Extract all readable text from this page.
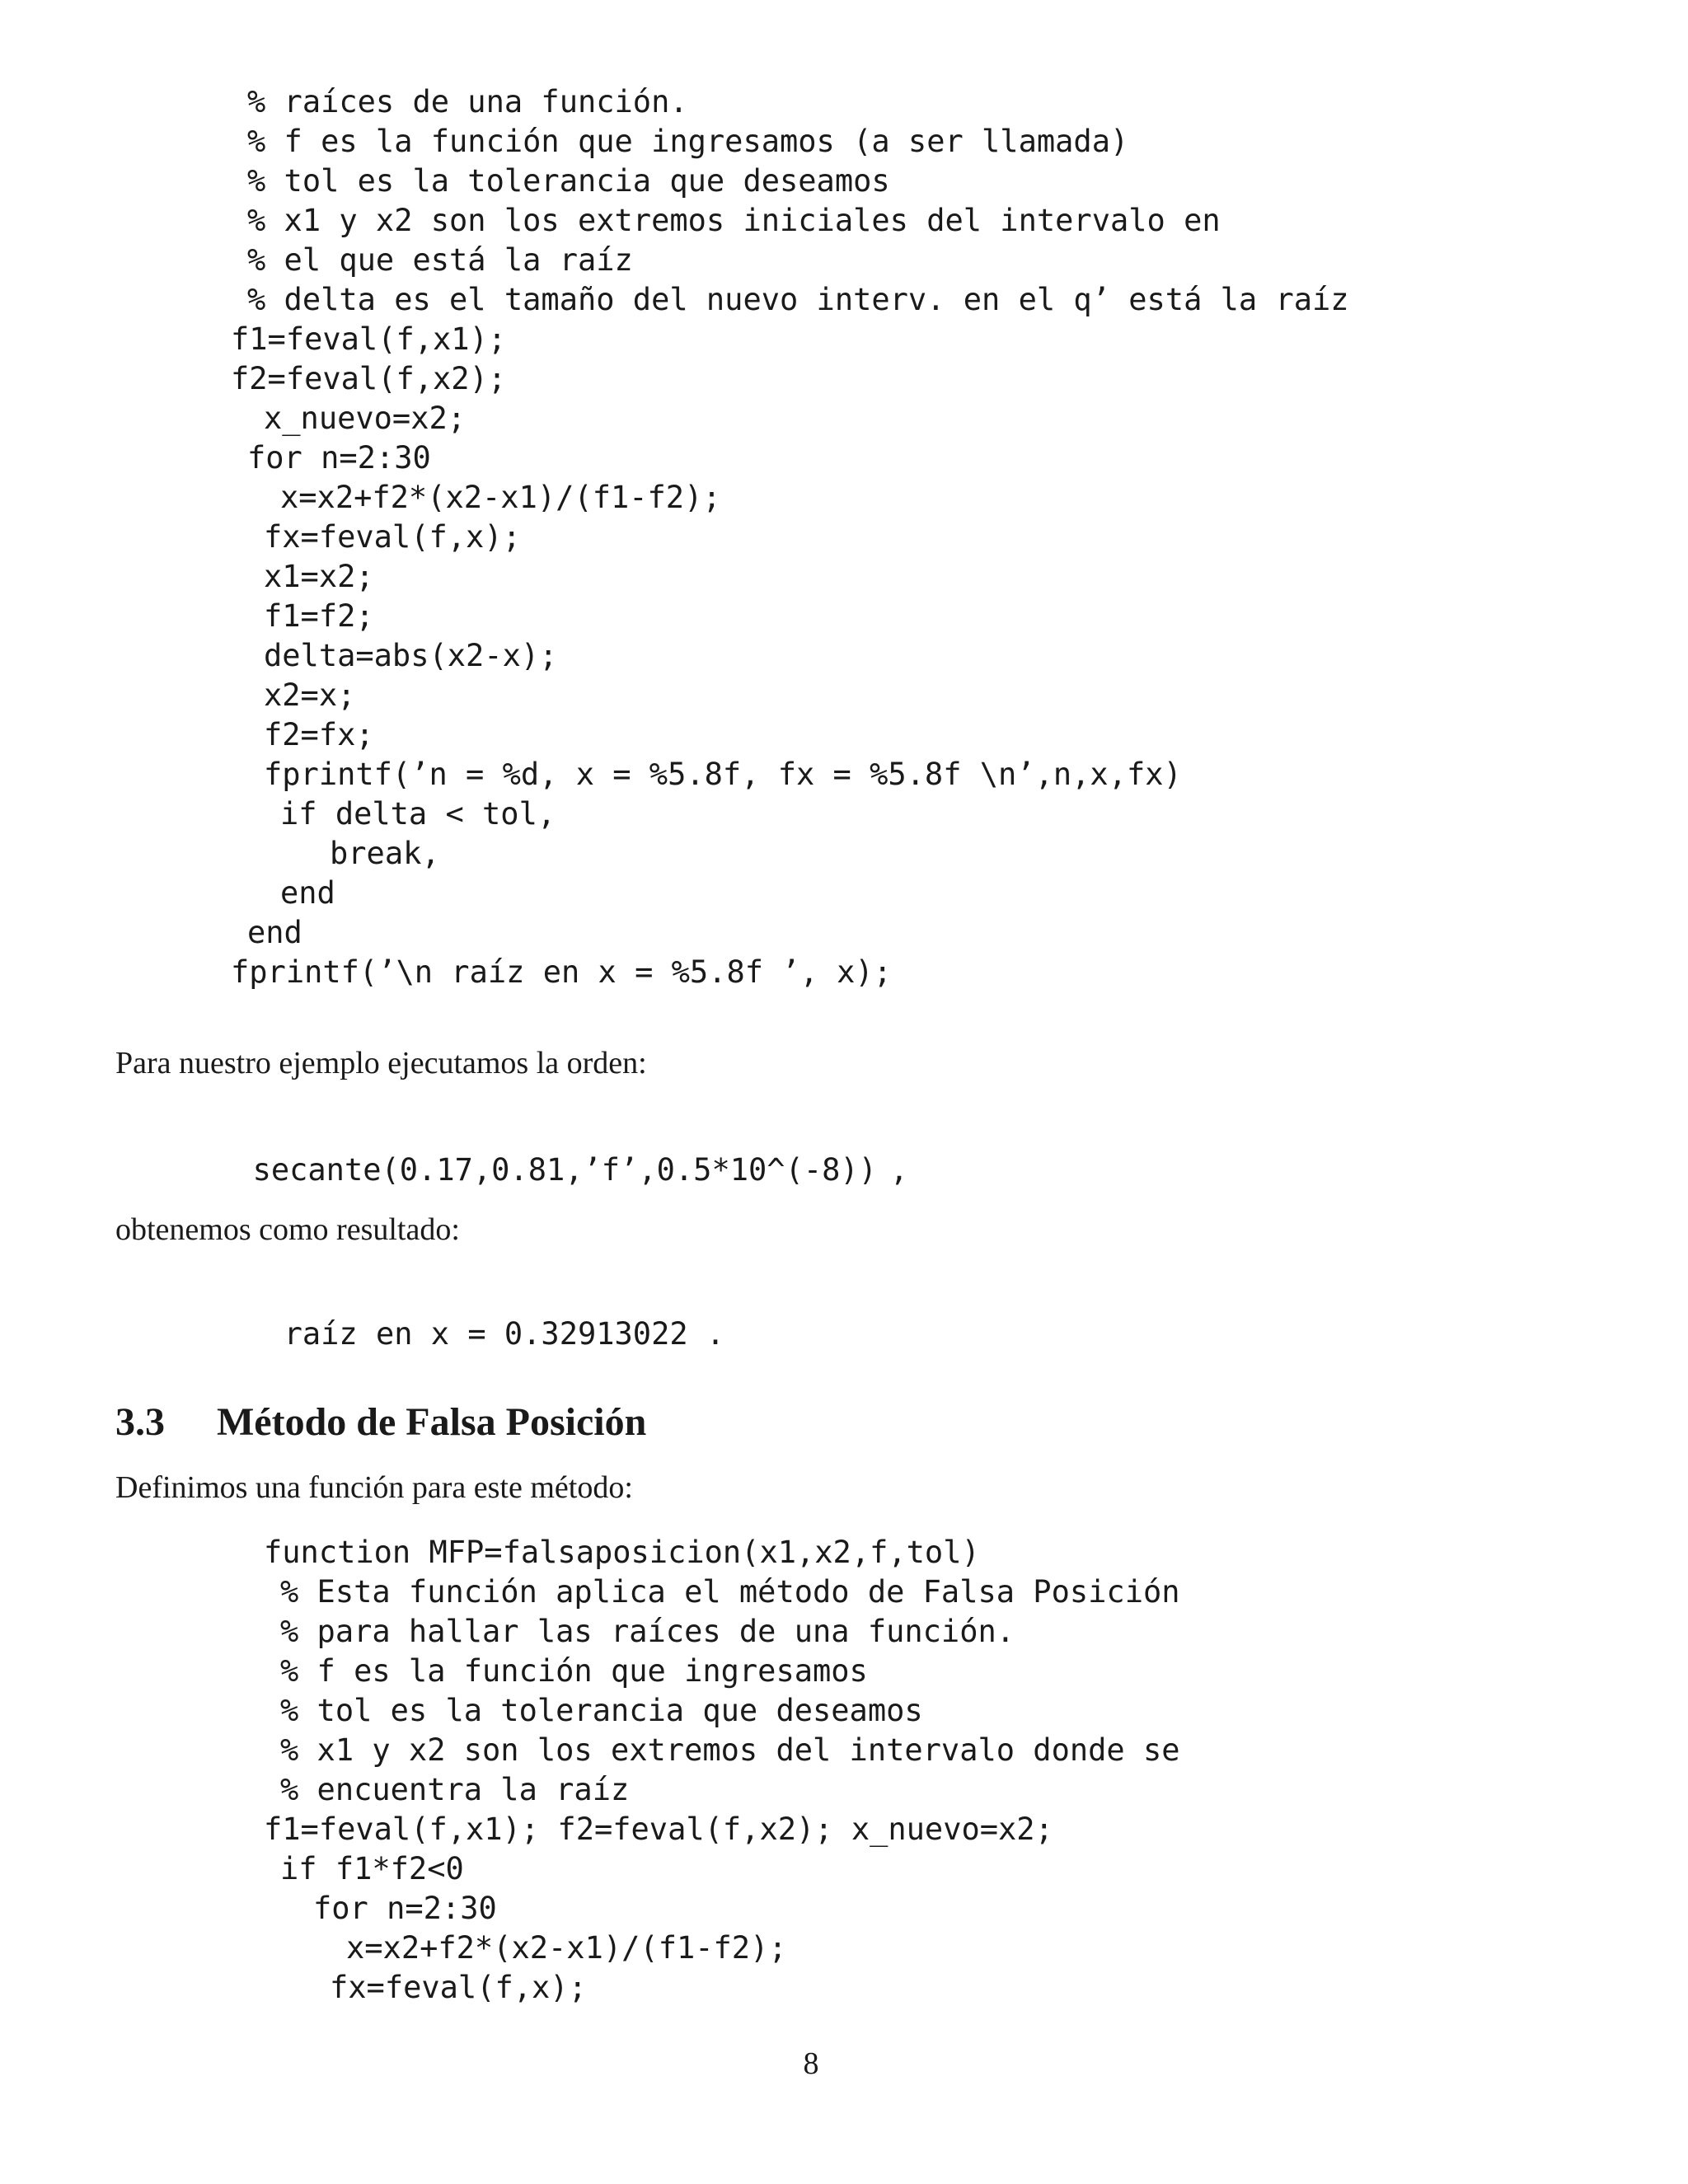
% raíces de una función.

% f es la función que ingresamos (a ser llamada)

% tol es la tolerancia que deseamos

% x1 y x2 son los extremos iniciales del intervalo en

% el que está la raíz

% delta es el tamaño del nuevo interv. en el q’ está la raíz

f1=feval(f,x1);

f2=feval(f,x2);

x_nuevo=x2;

for n=2:30

x=x2+f2*(x2-x1)/(f1-f2);

fx=feval(f,x);

x1=x2;

f1=f2;

delta=abs(x2-x);

x2=x;

f2=fx;

fprintf(’n = %d, x = %5.8f, fx = %5.8f \n’,n,x,fx)

if delta < tol,

break,

end

end

fprintf(’\n raíz en x = %5.8f ’, x);

Para nuestro ejemplo ejecutamos la orden:

secante(0.17,0.81,’f’,0.5*10^(-8)) ,

obtenemos como resultado:

raíz en x = 0.32913022 .

3.3 Método de Falsa Posición

Definimos una función para este método:

function MFP=falsaposicion(x1,x2,f,tol)

% Esta función aplica el método de Falsa Posición

% para hallar las raíces de una función.

% f es la función que ingresamos

% tol es la tolerancia que deseamos

% x1 y x2 son los extremos del intervalo donde se

% encuentra la raíz

f1=feval(f,x1); f2=feval(f,x2); x_nuevo=x2;

if f1*f2<0

for n=2:30

x=x2+f2*(x2-x1)/(f1-f2);

fx=feval(f,x);

8
